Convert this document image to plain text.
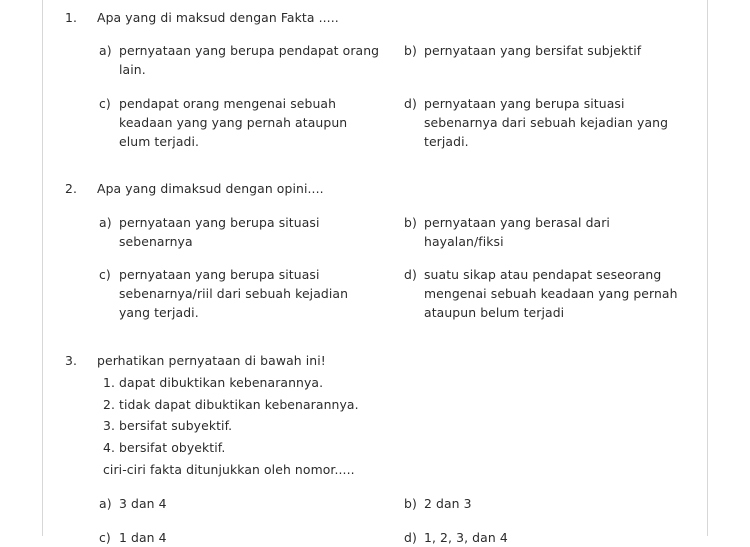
1.	Apa yang di maksud dengan Fakta .....
a) pernyataan yang berupa pendapat orang lain.
b) pernyataan yang bersifat subjektif
c) pendapat orang mengenai sebuah keadaan yang yang pernah ataupun elum terjadi.
d) pernyataan yang berupa situasi sebenarnya dari sebuah kejadian yang terjadi.
2.	Apa yang dimaksud dengan opini....
a) pernyataan yang berupa situasi sebenarnya
b) pernyataan yang berasal dari hayalan/fiksi
c) pernyataan yang berupa situasi sebenarnya/riil dari sebuah kejadian yang terjadi.
d) suatu sikap atau pendapat seseorang mengenai sebuah keadaan yang pernah ataupun belum terjadi
3.	perhatikan pernyataan di bawah ini!
1. dapat dibuktikan kebenarannya.
2. tidak dapat dibuktikan kebenarannya.
3. bersifat subyektif.
4. bersifat obyektif.
ciri-ciri fakta ditunjukkan oleh nomor.....
a) 3 dan 4	b) 2 dan 3
c) 1 dan 4	d) 1, 2, 3, dan 4
